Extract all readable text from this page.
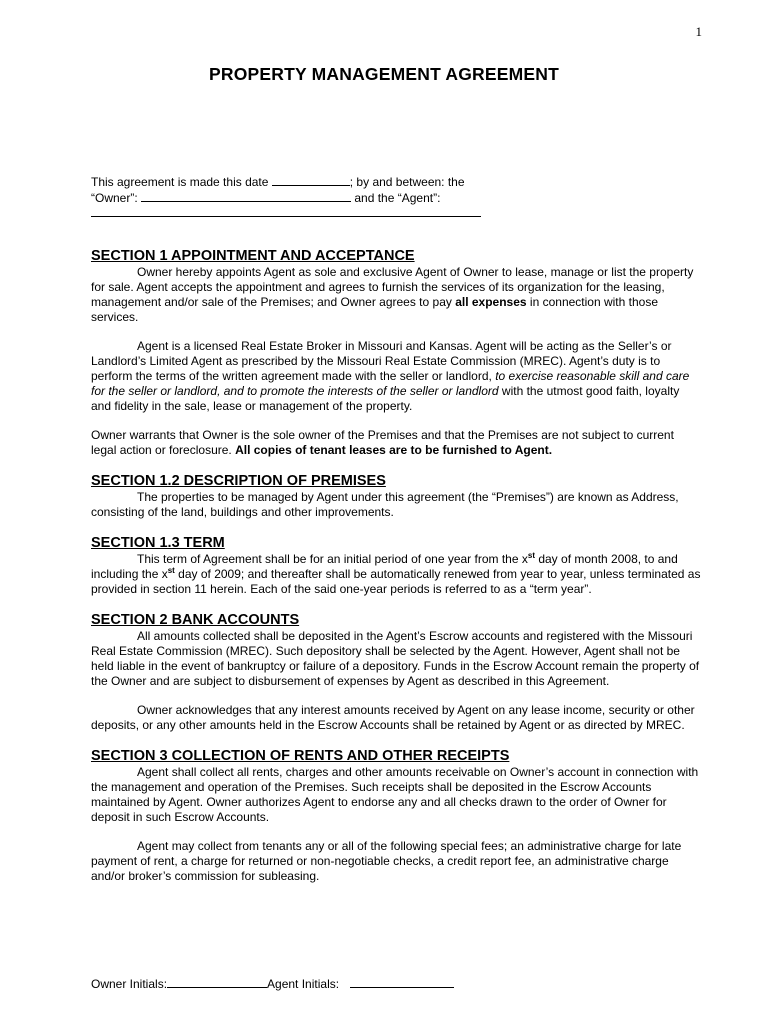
1
PROPERTY MANAGEMENT AGREEMENT
This agreement is made this date	; by and between: the
“Owner”:	and the “Agent”:

SECTION 1 APPOINTMENT AND ACCEPTANCE

Owner hereby appoints Agent as sole and exclusive Agent of Owner to lease, manage or list the property for sale. Agent accepts the appointment and agrees to furnish the services of its organization for the leasing, management and/or sale of the Premises; and Owner agrees to pay all expenses in connection with those services.

Agent is a licensed Real Estate Broker in Missouri and Kansas. Agent will be acting as the Seller’s or Landlord’s Limited Agent as prescribed by the Missouri Real Estate Commission (MREC). Agent’s duty is to perform the terms of the written agreement made with the seller or landlord, to exercise reasonable skill and care for the seller or landlord, and to promote the interests of the seller or landlord with the utmost good faith, loyalty and fidelity in the sale, lease or management of the property.

Owner warrants that Owner is the sole owner of the Premises and that the Premises are not subject to current legal action or foreclosure. All copies of tenant leases are to be furnished to Agent.

SECTION 1.2 DESCRIPTION OF PREMISES

The properties to be managed by Agent under this agreement (the “Premises”) are known as Address, consisting of the land, buildings and other improvements.

SECTION 1.3 TERM

This term of Agreement shall be for an initial period of one year from the $x^{st}$ day of month 2008, to and including the $x^{st}$ day of 2009; and thereafter shall be automatically renewed from year to year, unless terminated as provided in section 11 herein. Each of the said one-year periods is referred to as a “term year”.

SECTION 2 BANK ACCOUNTS

All amounts collected shall be deposited in the Agent’s Escrow accounts and registered with the Missouri Real Estate Commission (MREC). Such depository shall be selected by the Agent. However, Agent shall not be held liable in the event of bankruptcy or failure of a depository. Funds in the Escrow Account remain the property of the Owner and are subject to disbursement of expenses by Agent as described in this Agreement.

Owner acknowledges that any interest amounts received by Agent on any lease income, security or other deposits, or any other amounts held in the Escrow Accounts shall be retained by Agent or as directed by MREC.

SECTION 3 COLLECTION OF RENTS AND OTHER RECEIPTS

Agent shall collect all rents, charges and other amounts receivable on Owner’s account in connection with the management and operation of the Premises. Such receipts shall be deposited in the Escrow Accounts maintained by Agent. Owner authorizes Agent to endorse any and all checks drawn to the order of Owner for deposit in such Escrow Accounts.

Agent may collect from tenants any or all of the following special fees; an administrative charge for late payment of rent, a charge for returned or non-negotiable checks, a credit report fee, an administrative charge and/or broker’s commission for subleasing.

Owner Initials:	Agent Initials:
